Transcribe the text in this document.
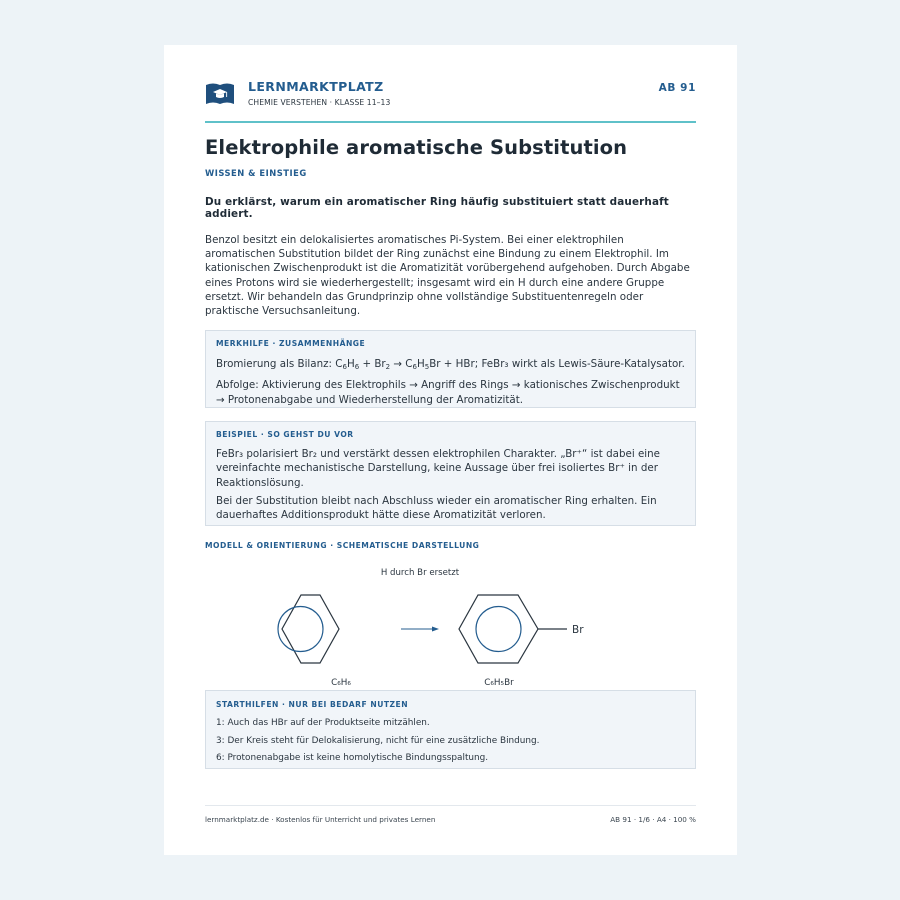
LERNMARKTPLATZ
CHEMIE VERSTEHEN · KLASSE 11–13
AB 91
Elektrophile aromatische Substitution
WISSEN & EINSTIEG
Du erklärst, warum ein aromatischer Ring häufig substituiert statt dauerhaft addiert.

Benzol besitzt ein delokalisiertes aromatisches Pi-System. Bei einer elektrophilen aromatischen Substitution bildet der Ring zunächst eine Bindung zu einem Elektrophil. Im kationischen Zwischenprodukt ist die Aromatizität vorübergehend aufgehoben. Durch Abgabe eines Protons wird sie wiederhergestellt; insgesamt wird ein H durch eine andere Gruppe ersetzt. Wir behandeln das Grundprinzip ohne vollständige Substituentenregeln oder praktische Versuchsanleitung.

MERKHILFE · ZUSAMMENHÄNGE

Bromierung als Bilanz: $C_6H_6 + Br_2 \to C_6H_5Br$ + HBr; FeBr₃ wirkt als Lewis-Säure-Katalysator.

Abfolge: Aktivierung des Elektrophils → Angriff des Rings → kationisches Zwischenprodukt → Protonenabgabe und Wiederherstellung der Aromatizität.

BEISPIEL · SO GEHST DU VOR

FeBr₃ polarisiert Br₂ und verstärkt dessen elektrophilen Charakter. „Br⁺“ ist dabei eine vereinfachte mechanistische Darstellung, keine Aussage über frei isoliertes Br⁺ in der Reaktionslösung.

Bei der Substitution bleibt nach Abschluss wieder ein aromatischer Ring erhalten. Ein dauerhaftes Additionsprodukt hätte diese Aromatizität verloren.

MODELL & ORIENTIERUNG · SCHEMATISCHE DARSTELLUNG
H durch Br ersetzt
Br
C₆H₆	C₆H₅Br
STARTHILFEN · NUR BEI BEDARF NUTZEN
1: Auch das HBr auf der Produktseite mitzählen.
3: Der Kreis steht für Delokalisierung, nicht für eine zusätzliche Bindung.
6: Protonenabgabe ist keine homolytische Bindungsspaltung.
lernmarktplatz.de · Kostenlos für Unterricht und privates Lernen	AB 91 · 1/6 · A4 · 100 %
